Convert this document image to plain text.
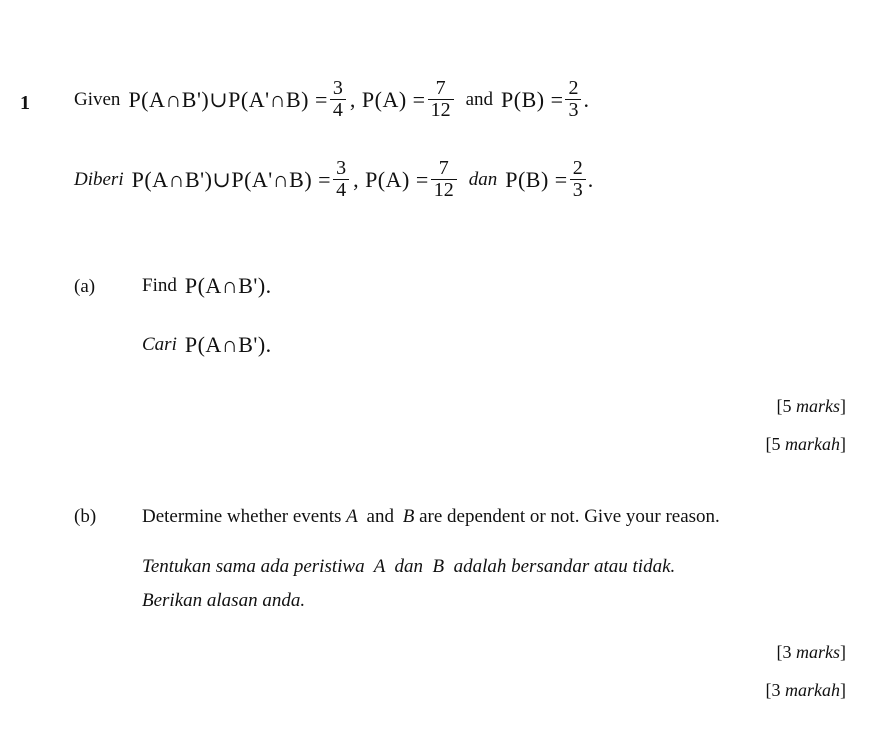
1 Given P(A∩B')∪P(A'∩B) = $\frac{3}{4}$ , $P(A) = \frac{7}{12}$ and $P(B) = \frac{2}{3}$ .
Diberi P(A∩B')∪P(A'∩B) = $\frac{3}{4}$ , $P(A) = \frac{7}{12}$ dan $P(B) = \frac{2}{3}$ .
(a) Find P(A∩B').
Cari P(A∩B').
[5 marks]
[5 markah]
(b) Determine whether events A and B are dependent or not. Give your reason.
Tentukan sama ada peristiwa  A  dan  B  adalah bersandar atau tidak.
Berikan alasan anda.
[3 marks]
[3 markah]
